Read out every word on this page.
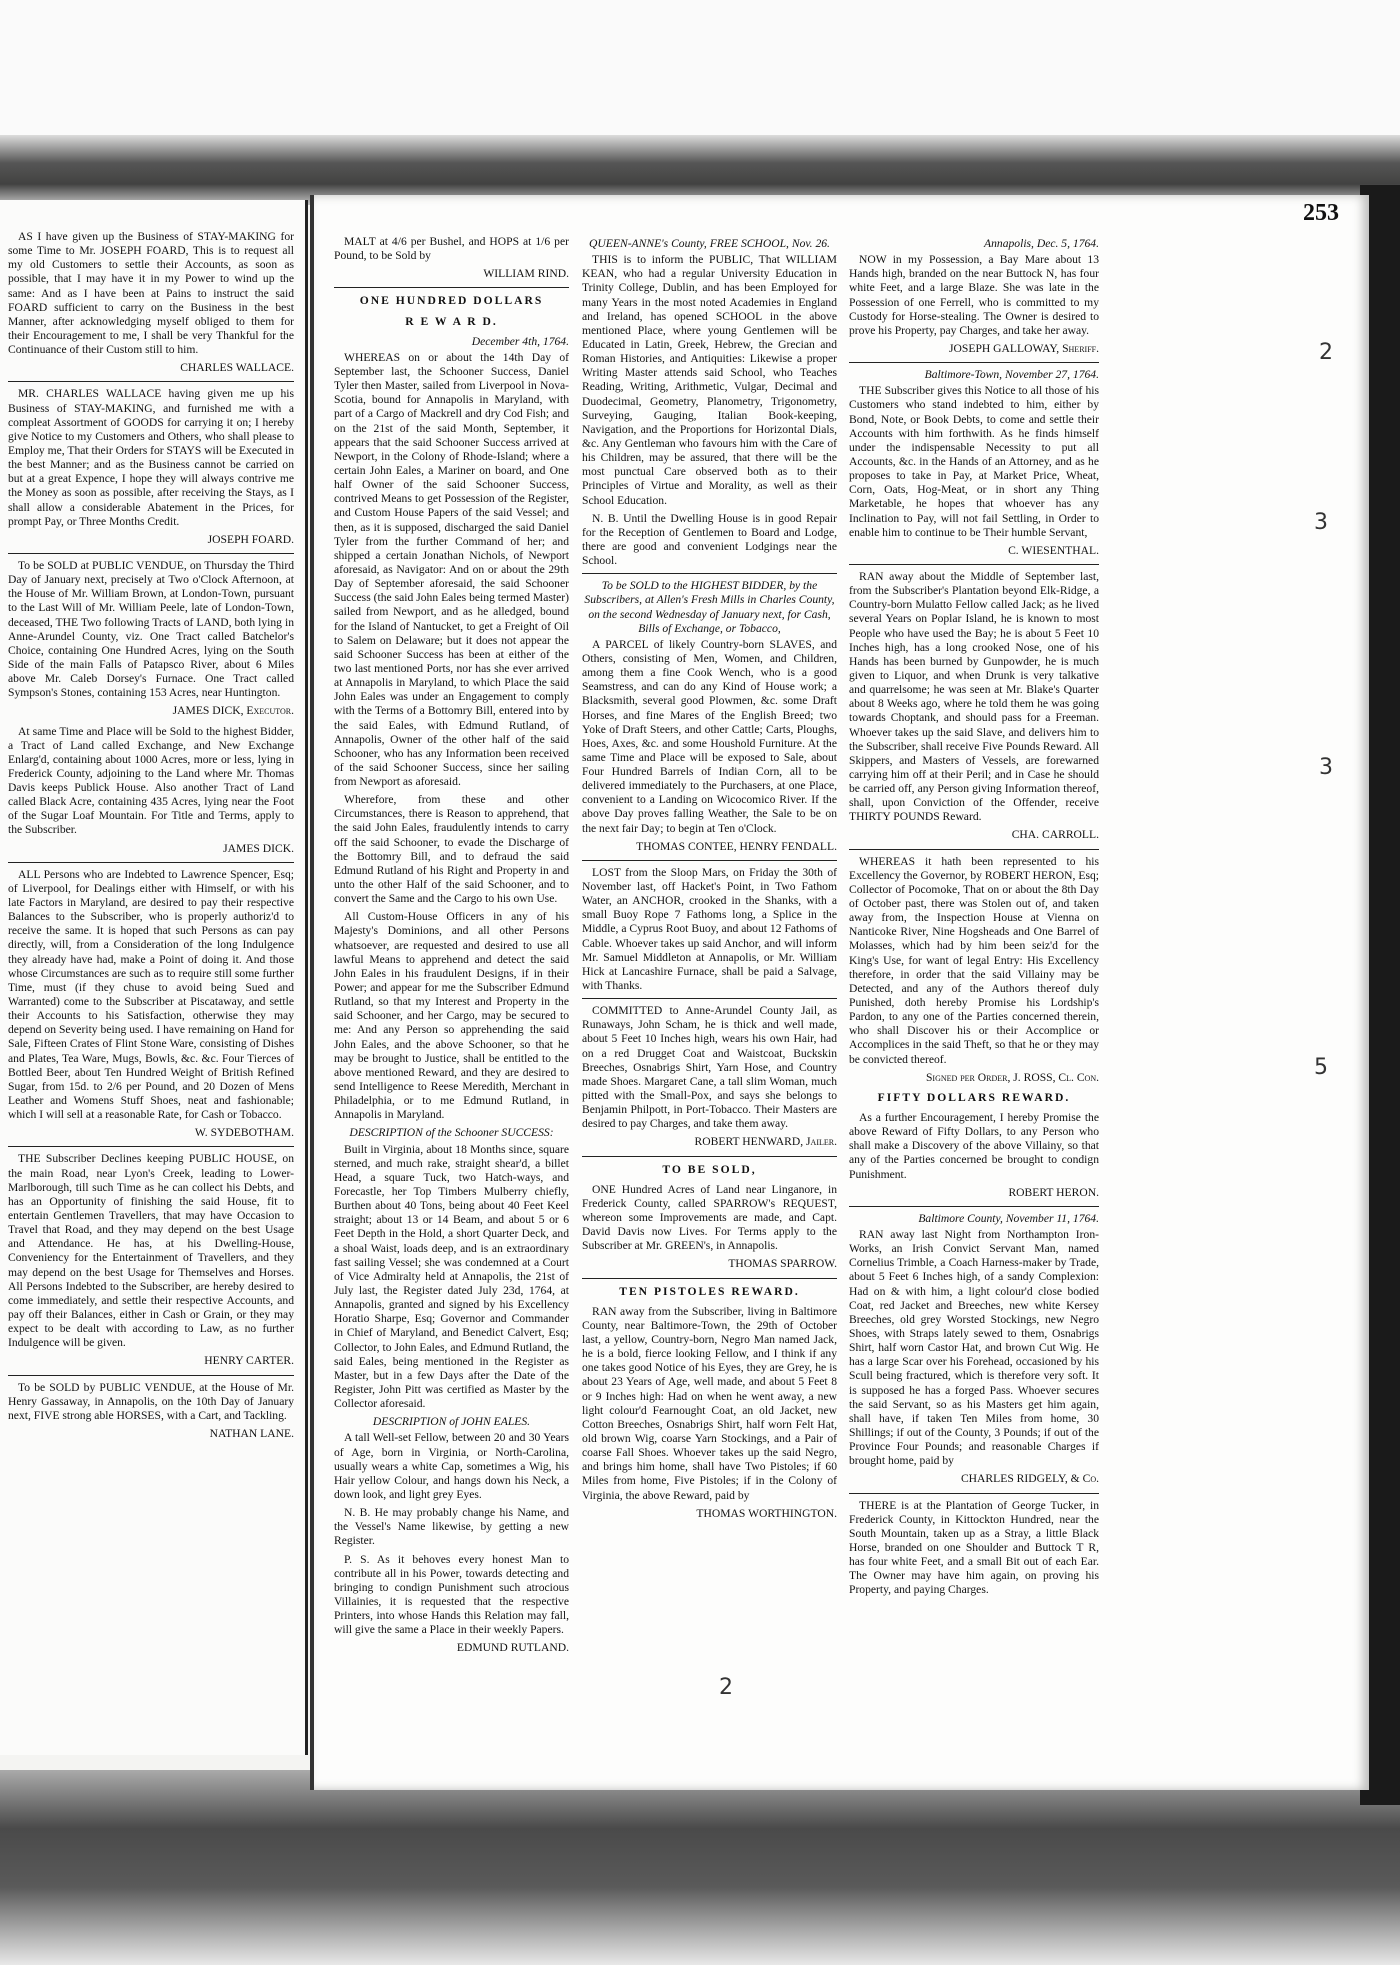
AS I have given up the Business of STAY-MAKING for some Time to Mr. JOSEPH FOARD, This is to request all my old Customers to settle their Accounts, as soon as possible, that I may have it in my Power to wind up the same: And as I have been at Pains to instruct the said FOARD sufficient to carry on the Business in the best Manner, after acknowledging myself obliged to them for their Encouragement to me, I shall be very Thankful for the Continuance of their Custom still to him.

CHARLES WALLACE.

MR. CHARLES WALLACE having given me up his Business of STAY-MAKING, and furnished me with a compleat Assortment of GOODS for carrying it on; I hereby give Notice to my Customers and Others, who shall please to Employ me, That their Orders for STAYS will be Executed in the best Manner; and as the Business cannot be carried on but at a great Expence, I hope they will always contrive me the Money as soon as possible, after receiving the Stays, as I shall allow a considerable Abatement in the Prices, for prompt Pay, or Three Months Credit.

JOSEPH FOARD.

To be SOLD at PUBLIC VENDUE, on Thursday the Third Day of January next, precisely at Two o'Clock Afternoon, at the House of Mr. William Brown, at London-Town, pursuant to the Last Will of Mr. William Peele, late of London-Town, deceased, THE Two following Tracts of LAND, both lying in Anne-Arundel County, viz. One Tract called Batchelor's Choice, containing One Hundred Acres, lying on the South Side of the main Falls of Patapsco River, about 6 Miles above Mr. Caleb Dorsey's Furnace. One Tract called Sympson's Stones, containing 153 Acres, near Huntington.

JAMES DICK, Executor.

At same Time and Place will be Sold to the highest Bidder, a Tract of Land called Exchange, and New Exchange Enlarg'd, containing about 1000 Acres, more or less, lying in Frederick County, adjoining to the Land where Mr. Thomas Davis keeps Publick House. Also another Tract of Land called Black Acre, containing 435 Acres, lying near the Foot of the Sugar Loaf Mountain. For Title and Terms, apply to the Subscriber.

JAMES DICK.

ALL Persons who are Indebted to Lawrence Spencer, Esq; of Liverpool, for Dealings either with Himself, or with his late Factors in Maryland, are desired to pay their respective Balances to the Subscriber, who is properly authoriz'd to receive the same. It is hoped that such Persons as can pay directly, will, from a Consideration of the long Indulgence they already have had, make a Point of doing it. And those whose Circumstances are such as to require still some further Time, must (if they chuse to avoid being Sued and Warranted) come to the Subscriber at Piscataway, and settle their Accounts to his Satisfaction, otherwise they may depend on Severity being used. I have remaining on Hand for Sale, Fifteen Crates of Flint Stone Ware, consisting of Dishes and Plates, Tea Ware, Mugs, Bowls, &c. &c. Four Tierces of Bottled Beer, about Ten Hundred Weight of British Refined Sugar, from 15d. to 2/6 per Pound, and 20 Dozen of Mens Leather and Womens Stuff Shoes, neat and fashionable; which I will sell at a reasonable Rate, for Cash or Tobacco.

W. SYDEBOTHAM.

THE Subscriber Declines keeping PUBLIC HOUSE, on the main Road, near Lyon's Creek, leading to Lower-Marlborough, till such Time as he can collect his Debts, and has an Opportunity of finishing the said House, fit to entertain Gentlemen Travellers, that may have Occasion to Travel that Road, and they may depend on the best Usage and Attendance. He has, at his Dwelling-House, Conveniency for the Entertainment of Travellers, and they may depend on the best Usage for Themselves and Horses. All Persons Indebted to the Subscriber, are hereby desired to come immediately, and settle their respective Accounts, and pay off their Balances, either in Cash or Grain, or they may expect to be dealt with according to Law, as no further Indulgence will be given.

HENRY CARTER.

To be SOLD by PUBLIC VENDUE, at the House of Mr. Henry Gassaway, in Annapolis, on the 10th Day of January next, FIVE strong able HORSES, with a Cart, and Tackling.

NATHAN LANE.
253

MALT at 4/6 per Bushel, and HOPS at 1/6 per Pound, to be Sold by

WILLIAM RIND.
ONE HUNDRED DOLLARS
R E W A R D.
December 4th, 1764.

WHEREAS on or about the 14th Day of September last, the Schooner Success, Daniel Tyler then Master, sailed from Liverpool in Nova-Scotia, bound for Annapolis in Maryland, with part of a Cargo of Mackrell and dry Cod Fish; and on the 21st of the said Month, September, it appears that the said Schooner Success arrived at Newport, in the Colony of Rhode-Island; where a certain John Eales, a Mariner on board, and One half Owner of the said Schooner Success, contrived Means to get Possession of the Register, and Custom House Papers of the said Vessel; and then, as it is supposed, discharged the said Daniel Tyler from the further Command of her; and shipped a certain Jonathan Nichols, of Newport aforesaid, as Navigator: And on or about the 29th Day of September aforesaid, the said Schooner Success (the said John Eales being termed Master) sailed from Newport, and as he alledged, bound for the Island of Nantucket, to get a Freight of Oil to Salem on Delaware; but it does not appear the said Schooner Success has been at either of the two last mentioned Ports, nor has she ever arrived at Annapolis in Maryland, to which Place the said John Eales was under an Engagement to comply with the Terms of a Bottomry Bill, entered into by the said Eales, with Edmund Rutland, of Annapolis, Owner of the other half of the said Schooner, who has any Information been received of the said Schooner Success, since her sailing from Newport as aforesaid.

Wherefore, from these and other Circumstances, there is Reason to apprehend, that the said John Eales, fraudulently intends to carry off the said Schooner, to evade the Discharge of the Bottomry Bill, and to defraud the said Edmund Rutland of his Right and Property in and unto the other Half of the said Schooner, and to convert the Same and the Cargo to his own Use.

All Custom-House Officers in any of his Majesty's Dominions, and all other Persons whatsoever, are requested and desired to use all lawful Means to apprehend and detect the said John Eales in his fraudulent Designs, if in their Power; and appear for me the Subscriber Edmund Rutland, so that my Interest and Property in the said Schooner, and her Cargo, may be secured to me: And any Person so apprehending the said John Eales, and the above Schooner, so that he may be brought to Justice, shall be entitled to the above mentioned Reward, and they are desired to send Intelligence to Reese Meredith, Merchant in Philadelphia, or to me Edmund Rutland, in Annapolis in Maryland.

DESCRIPTION of the Schooner SUCCESS:

Built in Virginia, about 18 Months since, square sterned, and much rake, straight shear'd, a billet Head, a square Tuck, two Hatch-ways, and Forecastle, her Top Timbers Mulberry chiefly, Burthen about 40 Tons, being about 40 Feet Keel straight; about 13 or 14 Beam, and about 5 or 6 Feet Depth in the Hold, a short Quarter Deck, and a shoal Waist, loads deep, and is an extraordinary fast sailing Vessel; she was condemned at a Court of Vice Admiralty held at Annapolis, the 21st of July last, the Register dated July 23d, 1764, at Annapolis, granted and signed by his Excellency Horatio Sharpe, Esq; Governor and Commander in Chief of Maryland, and Benedict Calvert, Esq; Collector, to John Eales, and Edmund Rutland, the said Eales, being mentioned in the Register as Master, but in a few Days after the Date of the Register, John Pitt was certified as Master by the Collector aforesaid.

DESCRIPTION of JOHN EALES.

A tall Well-set Fellow, between 20 and 30 Years of Age, born in Virginia, or North-Carolina, usually wears a white Cap, sometimes a Wig, his Hair yellow Colour, and hangs down his Neck, a down look, and light grey Eyes.

N. B. He may probably change his Name, and the Vessel's Name likewise, by getting a new Register.

P. S. As it behoves every honest Man to contribute all in his Power, towards detecting and bringing to condign Punishment such atrocious Villainies, it is requested that the respective Printers, into whose Hands this Relation may fall, will give the same a Place in their weekly Papers.

EDMUND RUTLAND.
QUEEN-ANNE's County, FREE SCHOOL, Nov. 26.

THIS is to inform the PUBLIC, That WILLIAM KEAN, who had a regular University Education in Trinity College, Dublin, and has been Employed for many Years in the most noted Academies in England and Ireland, has opened SCHOOL in the above mentioned Place, where young Gentlemen will be Educated in Latin, Greek, Hebrew, the Grecian and Roman Histories, and Antiquities: Likewise a proper Writing Master attends said School, who Teaches Reading, Writing, Arithmetic, Vulgar, Decimal and Duodecimal, Geometry, Planometry, Trigonometry, Surveying, Gauging, Italian Book-keeping, Navigation, and the Proportions for Horizontal Dials, &c. Any Gentleman who favours him with the Care of his Children, may be assured, that there will be the most punctual Care observed both as to their Principles of Virtue and Morality, as well as their School Education.

N. B. Until the Dwelling House is in good Repair for the Reception of Gentlemen to Board and Lodge, there are good and convenient Lodgings near the School.

To be SOLD to the HIGHEST BIDDER, by the Subscribers, at Allen's Fresh Mills in Charles County, on the second Wednesday of January next, for Cash, Bills of Exchange, or Tobacco,

A PARCEL of likely Country-born SLAVES, and Others, consisting of Men, Women, and Children, among them a fine Cook Wench, who is a good Seamstress, and can do any Kind of House work; a Blacksmith, several good Plowmen, &c. some Draft Horses, and fine Mares of the English Breed; two Yoke of Draft Steers, and other Cattle; Carts, Ploughs, Hoes, Axes, &c. and some Houshold Furniture. At the same Time and Place will be exposed to Sale, about Four Hundred Barrels of Indian Corn, all to be delivered immediately to the Purchasers, at one Place, convenient to a Landing on Wicocomico River. If the above Day proves falling Weather, the Sale to be on the next fair Day; to begin at Ten o'Clock.

THOMAS CONTEE, HENRY FENDALL.

LOST from the Sloop Mars, on Friday the 30th of November last, off Hacket's Point, in Two Fathom Water, an ANCHOR, crooked in the Shanks, with a small Buoy Rope 7 Fathoms long, a Splice in the Middle, a Cyprus Root Buoy, and about 12 Fathoms of Cable. Whoever takes up said Anchor, and will inform Mr. Samuel Middleton at Annapolis, or Mr. William Hick at Lancashire Furnace, shall be paid a Salvage, with Thanks.

COMMITTED to Anne-Arundel County Jail, as Runaways, John Scham, he is thick and well made, about 5 Feet 10 Inches high, wears his own Hair, had on a red Drugget Coat and Waistcoat, Buckskin Breeches, Osnabrigs Shirt, Yarn Hose, and Country made Shoes. Margaret Cane, a tall slim Woman, much pitted with the Small-Pox, and says she belongs to Benjamin Philpott, in Port-Tobacco. Their Masters are desired to pay Charges, and take them away.

ROBERT HENWARD, Jailer.
TO BE SOLD,

ONE Hundred Acres of Land near Linganore, in Frederick County, called SPARROW's REQUEST, whereon some Improvements are made, and Capt. David Davis now Lives. For Terms apply to the Subscriber at Mr. GREEN's, in Annapolis.

THOMAS SPARROW.
TEN PISTOLES REWARD.

RAN away from the Subscriber, living in Baltimore County, near Baltimore-Town, the 29th of October last, a yellow, Country-born, Negro Man named Jack, he is a bold, fierce looking Fellow, and I think if any one takes good Notice of his Eyes, they are Grey, he is about 23 Years of Age, well made, and about 5 Feet 8 or 9 Inches high: Had on when he went away, a new light colour'd Fearnought Coat, an old Jacket, new Cotton Breeches, Osnabrigs Shirt, half worn Felt Hat, old brown Wig, coarse Yarn Stockings, and a Pair of coarse Fall Shoes. Whoever takes up the said Negro, and brings him home, shall have Two Pistoles; if 60 Miles from home, Five Pistoles; if in the Colony of Virginia, the above Reward, paid by

THOMAS WORTHINGTON.
Annapolis, Dec. 5, 1764.

NOW in my Possession, a Bay Mare about 13 Hands high, branded on the near Buttock N, has four white Feet, and a large Blaze. She was late in the Possession of one Ferrell, who is committed to my Custody for Horse-stealing. The Owner is desired to prove his Property, pay Charges, and take her away.

JOSEPH GALLOWAY, Sheriff.
Baltimore-Town, November 27, 1764.

THE Subscriber gives this Notice to all those of his Customers who stand indebted to him, either by Bond, Note, or Book Debts, to come and settle their Accounts with him forthwith. As he finds himself under the indispensable Necessity to put all Accounts, &c. in the Hands of an Attorney, and as he proposes to take in Pay, at Market Price, Wheat, Corn, Oats, Hog-Meat, or in short any Thing Marketable, he hopes that whoever has any Inclination to Pay, will not fail Settling, in Order to enable him to continue to be Their humble Servant,

C. WIESENTHAL.

RAN away about the Middle of September last, from the Subscriber's Plantation beyond Elk-Ridge, a Country-born Mulatto Fellow called Jack; as he lived several Years on Poplar Island, he is known to most People who have used the Bay; he is about 5 Feet 10 Inches high, has a long crooked Nose, one of his Hands has been burned by Gunpowder, he is much given to Liquor, and when Drunk is very talkative and quarrelsome; he was seen at Mr. Blake's Quarter about 8 Weeks ago, where he told them he was going towards Choptank, and should pass for a Freeman. Whoever takes up the said Slave, and delivers him to the Subscriber, shall receive Five Pounds Reward. All Skippers, and Masters of Vessels, are forewarned carrying him off at their Peril; and in Case he should be carried off, any Person giving Information thereof, shall, upon Conviction of the Offender, receive THIRTY POUNDS Reward.

CHA. CARROLL.

WHEREAS it hath been represented to his Excellency the Governor, by ROBERT HERON, Esq; Collector of Pocomoke, That on or about the 8th Day of October past, there was Stolen out of, and taken away from, the Inspection House at Vienna on Nanticoke River, Nine Hogsheads and One Barrel of Molasses, which had by him been seiz'd for the King's Use, for want of legal Entry: His Excellency therefore, in order that the said Villainy may be Detected, and any of the Authors thereof duly Punished, doth hereby Promise his Lordship's Pardon, to any one of the Parties concerned therein, who shall Discover his or their Accomplice or Accomplices in the said Theft, so that he or they may be convicted thereof.

Signed per Order, J. ROSS, Cl. Con.
FIFTY DOLLARS REWARD.

As a further Encouragement, I hereby Promise the above Reward of Fifty Dollars, to any Person who shall make a Discovery of the above Villainy, so that any of the Parties concerned be brought to condign Punishment.

ROBERT HERON.
Baltimore County, November 11, 1764.

RAN away last Night from Northampton Iron-Works, an Irish Convict Servant Man, named Cornelius Trimble, a Coach Harness-maker by Trade, about 5 Feet 6 Inches high, of a sandy Complexion: Had on & with him, a light colour'd close bodied Coat, red Jacket and Breeches, new white Kersey Breeches, old grey Worsted Stockings, new Negro Shoes, with Straps lately sewed to them, Osnabrigs Shirt, half worn Castor Hat, and brown Cut Wig. He has a large Scar over his Forehead, occasioned by his Scull being fractured, which is therefore very soft. It is supposed he has a forged Pass. Whoever secures the said Servant, so as his Masters get him again, shall have, if taken Ten Miles from home, 30 Shillings; if out of the County, 3 Pounds; if out of the Province Four Pounds; and reasonable Charges if brought home, paid by

CHARLES RIDGELY, & Co.

THERE is at the Plantation of George Tucker, in Frederick County, in Kittockton Hundred, near the South Mountain, taken up as a Stray, a little Black Horse, branded on one Shoulder and Buttock T R, has four white Feet, and a small Bit out of each Ear. The Owner may have him again, on proving his Property, and paying Charges.

2
3
3
5
2
